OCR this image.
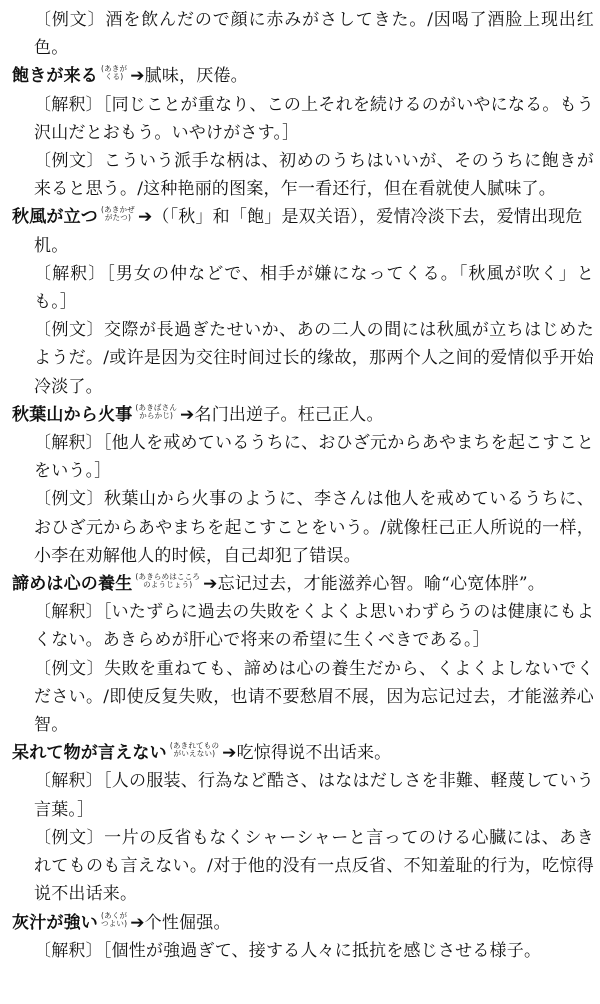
〔例文〕酒を飲んだので顔に赤みがさしてきた。/因喝了酒脸上现出红色。

飽きが来る (あきが
くる) ➔腻味，厌倦。

〔解釈〕［同じことが重なり、この上それを続けるのがいやになる。もう沢山だとおもう。いやけがさす。］

〔例文〕こういう派手な柄は、初めのうちはいいが、そのうちに飽きが来ると思う。/这种艳丽的图案，乍一看还行，但在看就使人腻味了。

秋風が立つ (あきかぜ
がたつ) ➔（「秋」和「飽」是双关语），爱情冷淡下去，爱情出现危机。

〔解釈〕［男女の仲などで、相手が嫌になってくる。「秋風が吹く」とも。］

〔例文〕交際が長過ぎたせいか、あの二人の間には秋風が立ちはじめたようだ。/或许是因为交往时间过长的缘故，那两个人之间的爱情似乎开始冷淡了。

秋葉山から火事 (あきばさん
からかじ) ➔名门出逆子。枉己正人。

〔解釈〕［他人を戒めているうちに、おひざ元からあやまちを起こすことをいう。］

〔例文〕秋葉山から火事のように、李さんは他人を戒めているうちに、おひざ元からあやまちを起こすことをいう。/就像枉己正人所说的一样，小李在劝解他人的时候，自己却犯了错误。

諦めは心の養生 (あきらめはこころ
のようじょう) ➔忘记过去，才能滋养心智。喻“心宽体胖”。

〔解釈〕［いたずらに過去の失敗をくよくよ思いわずらうのは健康にもよくない。あきらめが肝心で将来の希望に生くべきである。］

〔例文〕失敗を重ねても、諦めは心の養生だから、くよくよしないでください。/即使反复失败，也请不要愁眉不展，因为忘记过去，才能滋养心智。

呆れて物が言えない (あきれてもの
がいえない) ➔吃惊得说不出话来。

〔解釈〕［人の服装、行為など酷さ、はなはだしさを非難、軽蔑していう言葉。］

〔例文〕一片の反省もなくシャーシャーと言ってのける心臓には、あきれてものも言えない。/对于他的没有一点反省、不知羞耻的行为，吃惊得说不出话来。

灰汁が強い (あくが
つよい) ➔个性倔强。

〔解釈〕［個性が強過ぎて、接する人々に抵抗を感じさせる様子。
